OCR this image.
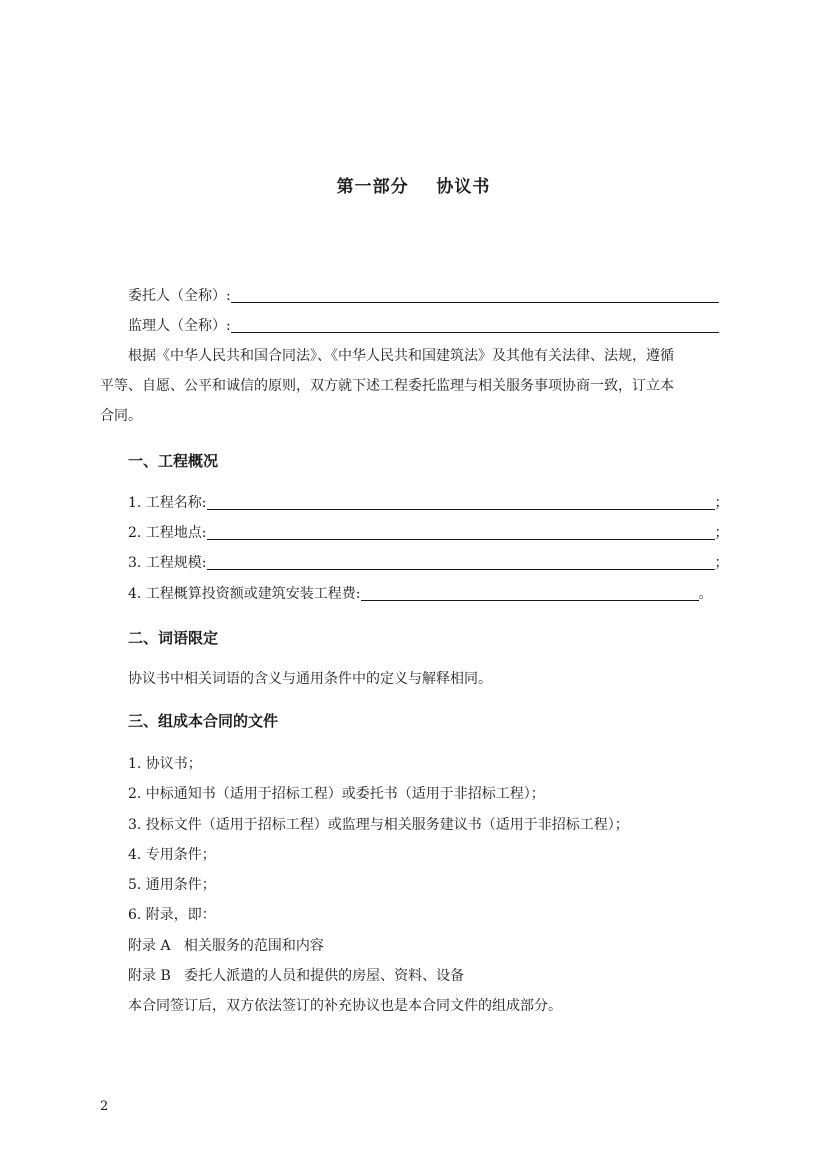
第一部分    协议书
委托人（全称）:
监理人（全称）:
根据《中华人民共和国合同法》、《中华人民共和国建筑法》及其他有关法律、法规，遵循
平等、自愿、公平和诚信的原则，双方就下述工程委托监理与相关服务事项协商一致，订立本
合同。
一、工程概况
1. 工程名称:	；
2. 工程地点:	；
3. 工程规模:	；
4. 工程概算投资额或建筑安装工程费:	。
二、词语限定
协议书中相关词语的含义与通用条件中的定义与解释相同。
三、组成本合同的文件
1. 协议书；
2. 中标通知书（适用于招标工程）或委托书（适用于非招标工程）；
3. 投标文件（适用于招标工程）或监理与相关服务建议书（适用于非招标工程）；
4. 专用条件；
5. 通用条件；
6. 附录，即：
附录 A   相关服务的范围和内容
附录 B   委托人派遣的人员和提供的房屋、资料、设备
本合同签订后，双方依法签订的补充协议也是本合同文件的组成部分。
2
